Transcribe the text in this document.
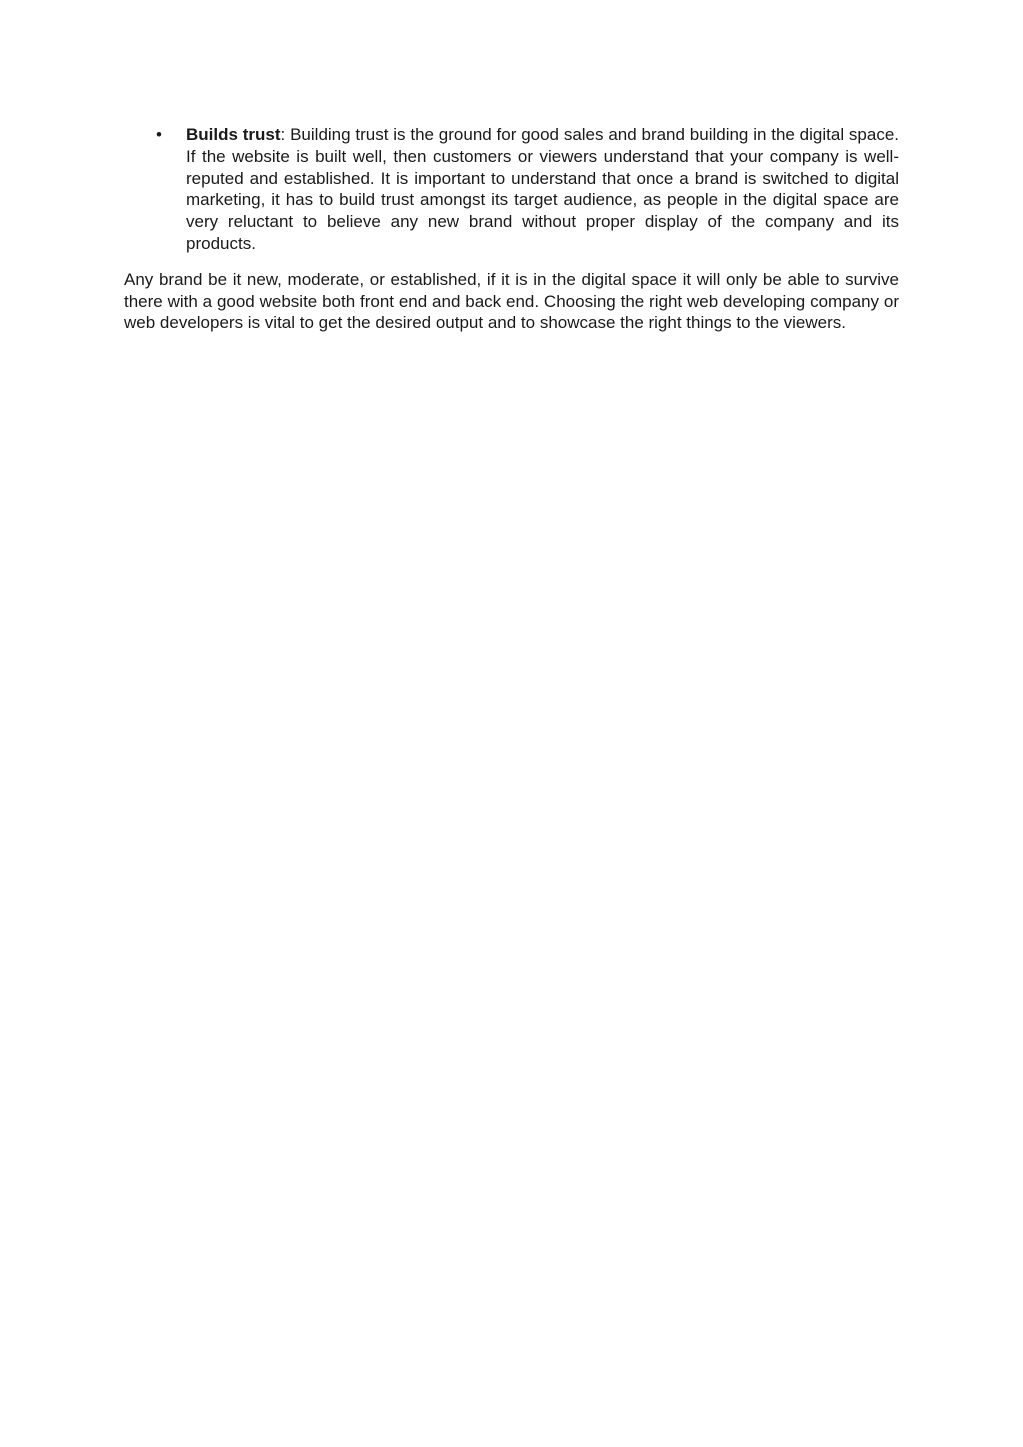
• Builds trust: Building trust is the ground for good sales and brand building in the digital space. If the website is built well, then customers or viewers understand that your company is well-reputed and established. It is important to understand that once a brand is switched to digital marketing, it has to build trust amongst its target audience, as people in the digital space are very reluctant to believe any new brand without proper display of the company and its products.

Any brand be it new, moderate, or established, if it is in the digital space it will only be able to survive there with a good website both front end and back end. Choosing the right web developing company or web developers is vital to get the desired output and to showcase the right things to the viewers.
